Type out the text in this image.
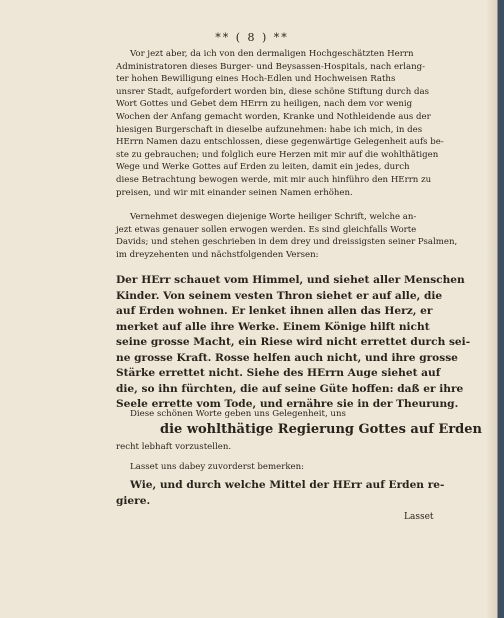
** ( 8 ) **
Vor jezt aber, da ich von den dermaligen Hochgeschätzten Herrn
Administratoren dieses Burger- und Beysassen-Hospitals, nach erlang-
ter hohen Bewilligung eines Hoch-Edlen und Hochweisen Raths
unsrer Stadt, aufgefordert worden bin, diese schöne Stiftung durch das
Wort Gottes und Gebet dem HErrn zu heiligen, nach dem vor wenig
Wochen der Anfang gemacht worden, Kranke und Nothleidende aus der
hiesigen Burgerschaft in dieselbe aufzunehmen: habe ich mich, in des
HErrn Namen dazu entschlossen, diese gegenwärtige Gelegenheit aufs be-
ste zu gebrauchen; und folglich eure Herzen mit mir auf die wohlthätigen
Wege und Werke Gottes auf Erden zu leiten, damit ein jedes, durch
diese Betrachtung bewogen werde, mit mir auch hinführo den HErrn zu
preisen, und wir mit einander seinen Namen erhöhen.
Vernehmet deswegen diejenige Worte heiliger Schrift, welche an-
jezt etwas genauer sollen erwogen werden. Es sind gleichfalls Worte
Davids; und stehen geschrieben in dem drey und dreissigsten seiner Psalmen,
im dreyzehenten und nächstfolgenden Versen:
Der HErr schauet vom Himmel, und siehet aller Menschen
Kinder. Von seinem vesten Thron siehet er auf alle, die
auf Erden wohnen. Er lenket ihnen allen das Herz, er
merket auf alle ihre Werke. Einem Könige hilft nicht
seine grosse Macht, ein Riese wird nicht errettet durch sei-
ne grosse Kraft. Rosse helfen auch nicht, und ihre grosse
Stärke errettet nicht. Siehe des HErrn Auge siehet auf
die, so ihn fürchten, die auf seine Güte hoffen: daß er ihre
Seele errette vom Tode, und ernähre sie in der Theurung.
Diese schönen Worte geben uns Gelegenheit, uns
die wohlthätige Regierung Gottes auf Erden
recht lebhaft vorzustellen.
Lasset uns dabey zuvorderst bemerken:
Wie, und durch welche Mittel der HErr auf Erden re-
giere.
Lasset
